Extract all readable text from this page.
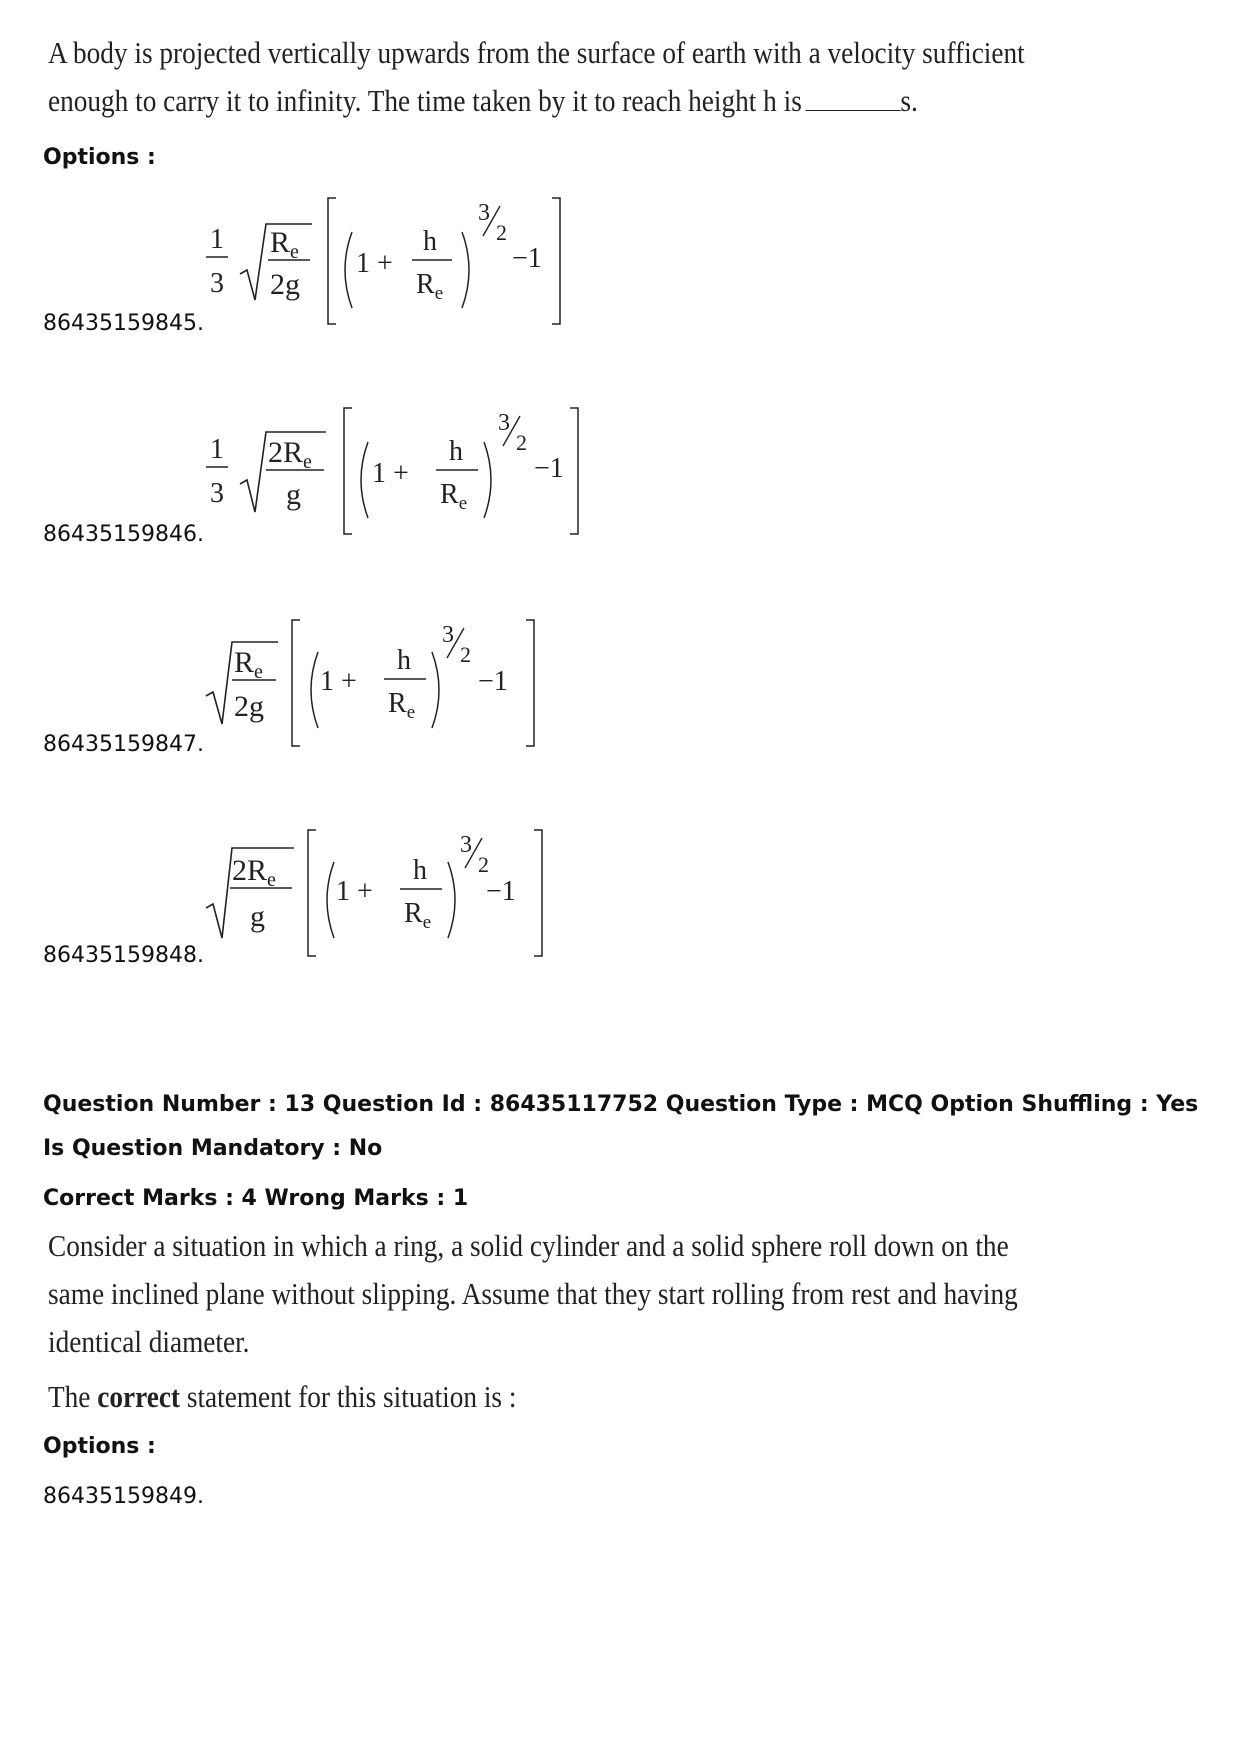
A body is projected vertically upwards from the surface of earth with a velocity sufficient
enough to carry it to infinity. The time taken by it to reach height h is	s.
Options :
86435159845.
1
3
$R_e$
2g
1 +
h
$R_e$
3
2
−1
86435159846.
1
3
$2R_e$
g
1 +
h
$R_e$
3
2
−1
86435159847.
$R_e$
2g
1 +
h
$R_e$
3
2
−1
86435159848.
$2R_e$
g
1 +
h
$R_e$
3
2
−1
Question Number : 13 Question Id : 86435117752 Question Type : MCQ Option Shuffling : Yes
Is Question Mandatory : No
Correct Marks : 4 Wrong Marks : 1
Consider a situation in which a ring, a solid cylinder and a solid sphere roll down on the
same inclined plane without slipping. Assume that they start rolling from rest and having
identical diameter.
The correct statement for this situation is :
Options :
86435159849.
